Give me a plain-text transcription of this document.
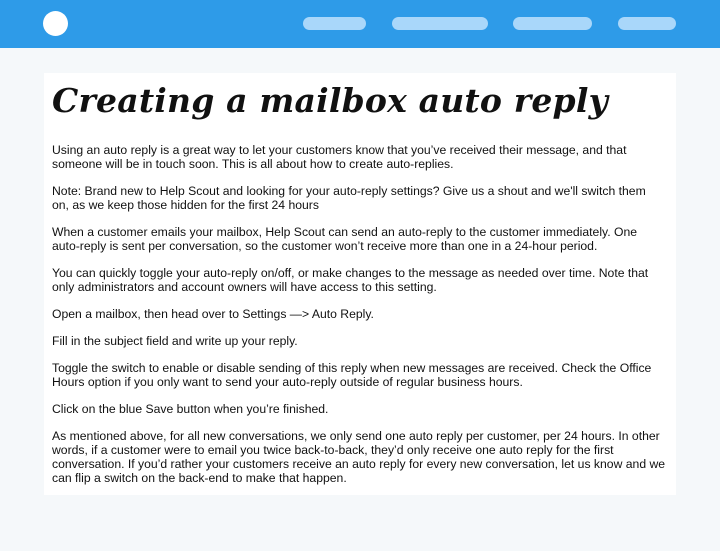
Creating a mailbox auto reply

Using an auto reply is a great way to let your customers know that you’ve received their message, and that someone will be in touch soon. This is all about how to create auto-replies.

Note: Brand new to Help Scout and looking for your auto-reply settings? Give us a shout and we'll switch them on, as we keep those hidden for the first 24 hours

When a customer emails your mailbox, Help Scout can send an auto-reply to the customer immediately. One auto-reply is sent per conversation, so the customer won’t receive more than one in a 24-hour period.

You can quickly toggle your auto-reply on/off, or make changes to the message as needed over time. Note that only administrators and account owners will have access to this setting.

Open a mailbox, then head over to Settings —> Auto Reply.

Fill in the subject field and write up your reply.

Toggle the switch to enable or disable sending of this reply when new messages are received. Check the Office Hours option if you only want to send your auto-reply outside of regular business hours.

Click on the blue Save button when you’re finished.

As mentioned above, for all new conversations, we only send one auto reply per customer, per 24 hours. In other words, if a customer were to email you twice back-to-back, they’d only receive one auto reply for the first conversation. If you’d rather your customers receive an auto reply for every new conversation, let us know and we can flip a switch on the back-end to make that happen.
